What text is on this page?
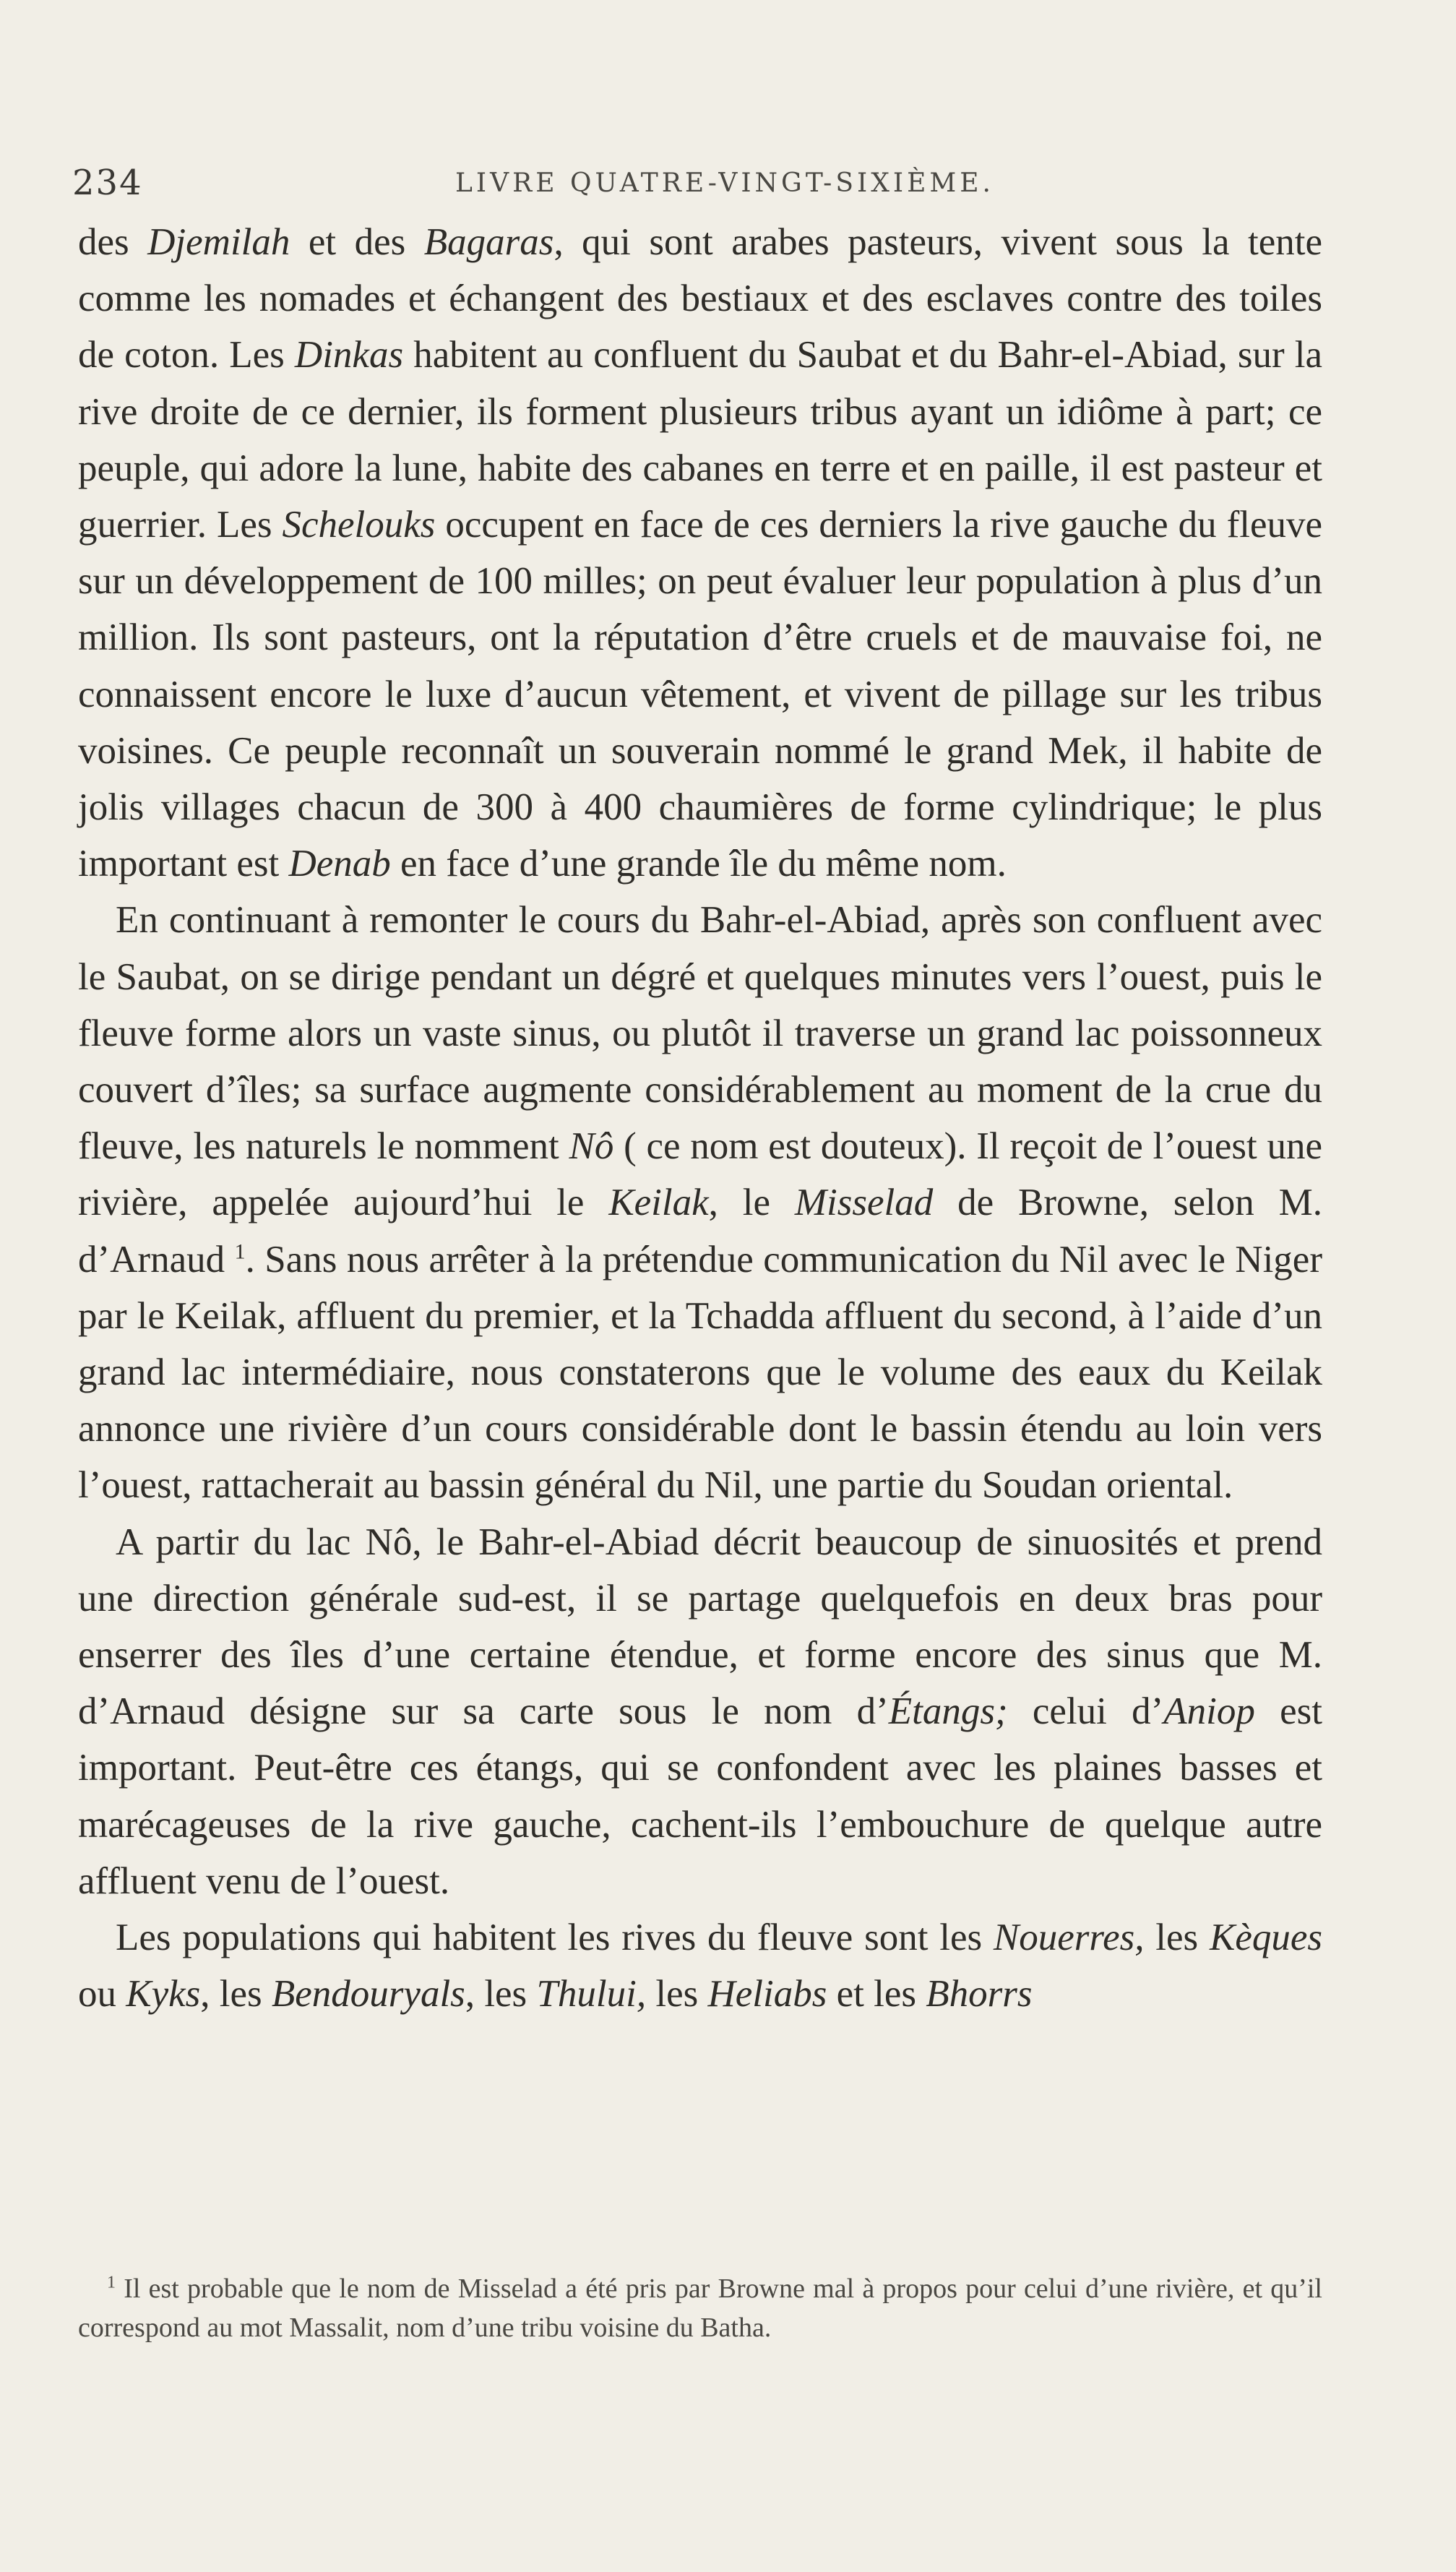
234	LIVRE QUATRE-VINGT-SIXIÈME.

des Djemilah et des Bagaras, qui sont arabes pasteurs, vivent sous la tente comme les nomades et échangent des bestiaux et des esclaves contre des toiles de coton. Les Dinkas habitent au confluent du Saubat et du Bahr-el-Abiad, sur la rive droite de ce dernier, ils forment plusieurs tribus ayant un idiôme à part; ce peuple, qui adore la lune, habite des cabanes en terre et en paille, il est pasteur et guerrier. Les Schelouks occupent en face de ces derniers la rive gauche du fleuve sur un développement de 100 milles; on peut évaluer leur population à plus d’un million. Ils sont pasteurs, ont la réputation d’être cruels et de mauvaise foi, ne connaissent encore le luxe d’aucun vêtement, et vivent de pillage sur les tribus voisines. Ce peuple reconnaît un souverain nommé le grand Mek, il habite de jolis villages chacun de 300 à 400 chaumières de forme cylindrique; le plus important est Denab en face d’une grande île du même nom.

En continuant à remonter le cours du Bahr-el-Abiad, après son confluent avec le Saubat, on se dirige pendant un dégré et quelques minutes vers l’ouest, puis le fleuve forme alors un vaste sinus, ou plutôt il traverse un grand lac poissonneux couvert d’îles; sa surface augmente considérablement au moment de la crue du fleuve, les naturels le nomment Nô ( ce nom est douteux). Il reçoit de l’ouest une rivière, appelée aujourd’hui le Keilak, le Misselad de Browne, selon M. d’Arnaud $^1$. Sans nous arrêter à la prétendue communication du Nil avec le Niger par le Keilak, affluent du premier, et la Tchadda affluent du second, à l’aide d’un grand lac intermédiaire, nous constaterons que le volume des eaux du Keilak annonce une rivière d’un cours considérable dont le bassin étendu au loin vers l’ouest, rattacherait au bassin général du Nil, une partie du Soudan oriental.

A partir du lac Nô, le Bahr-el-Abiad décrit beaucoup de sinuosités et prend une direction générale sud-est, il se partage quelquefois en deux bras pour enserrer des îles d’une certaine étendue, et forme encore des sinus que M. d’Arnaud désigne sur sa carte sous le nom d’Étangs; celui d’Aniop est important. Peut-être ces étangs, qui se confondent avec les plaines basses et marécageuses de la rive gauche, cachent-ils l’embouchure de quelque autre affluent venu de l’ouest.

Les populations qui habitent les rives du fleuve sont les Nouerres, les Kèques ou Kyks, les Bendouryals, les Thului, les Heliabs et les Bhorrs

$^1$ Il est probable que le nom de Misselad a été pris par Browne mal à propos pour celui d’une rivière, et qu’il correspond au mot Massalit, nom d’une tribu voisine du Batha.
